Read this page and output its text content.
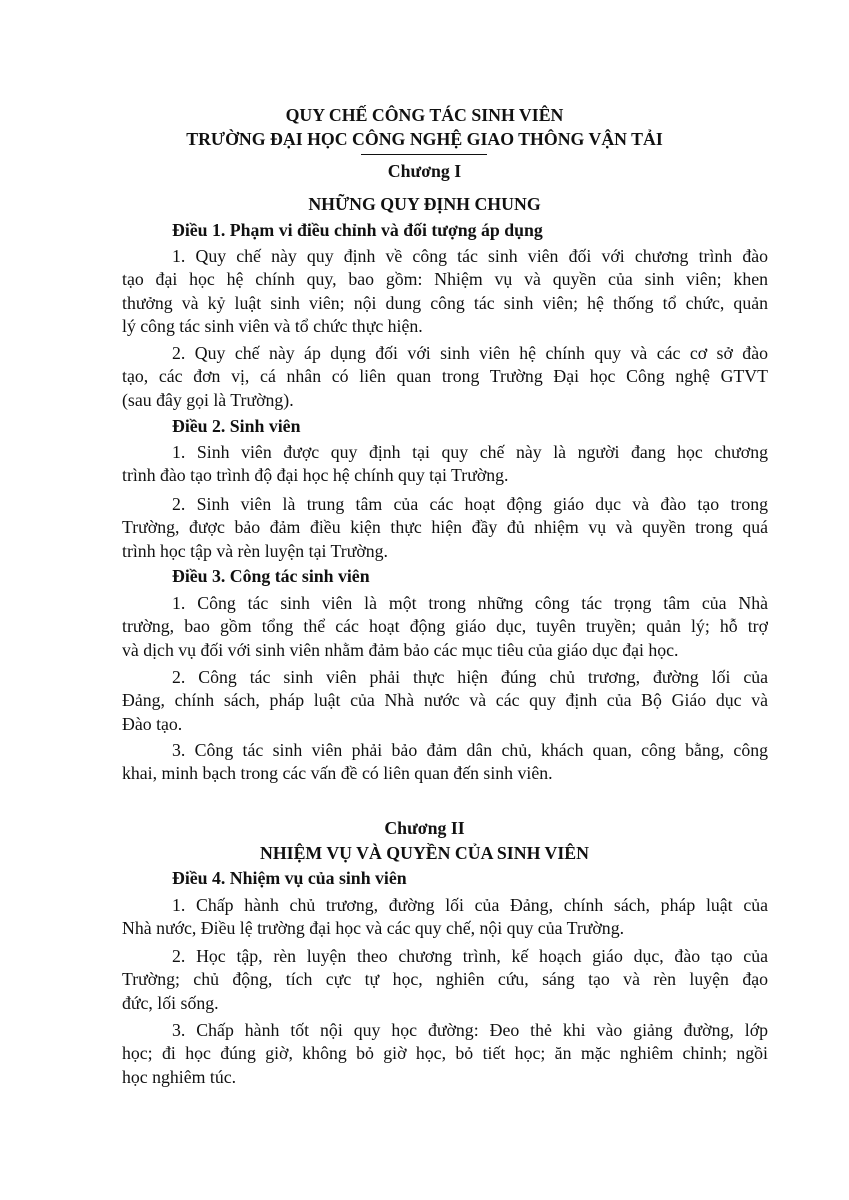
QUY CHẾ CÔNG TÁC SINH VIÊN
TRƯỜNG ĐẠI HỌC CÔNG NGHỆ GIAO THÔNG VẬN TẢI
Chương I
NHỮNG QUY ĐỊNH CHUNG
Điều 1. Phạm vi điều chỉnh và đối tượng áp dụng
1. Quy chế này quy định về công tác sinh viên đối với chương trình đào
tạo đại học hệ chính quy, bao gồm: Nhiệm vụ và quyền của sinh viên; khen
thưởng và kỷ luật sinh viên; nội dung công tác sinh viên; hệ thống tổ chức, quản
lý công tác sinh viên và tổ chức thực hiện.
2. Quy chế này áp dụng đối với sinh viên hệ chính quy và các cơ sở đào
tạo, các đơn vị, cá nhân có liên quan trong Trường Đại học Công nghệ GTVT
(sau đây gọi là Trường).
Điều 2. Sinh viên
1. Sinh viên được quy định tại quy chế này là người đang học chương
trình đào tạo trình độ đại học hệ chính quy tại Trường.
2. Sinh viên là trung tâm của các hoạt động giáo dục và đào tạo trong
Trường, được bảo đảm điều kiện thực hiện đầy đủ nhiệm vụ và quyền trong quá
trình học tập và rèn luyện tại Trường.
Điều 3. Công tác sinh viên
1. Công tác sinh viên là một trong những công tác trọng tâm của Nhà
trường, bao gồm tổng thể các hoạt động giáo dục, tuyên truyền; quản lý; hỗ trợ
và dịch vụ đối với sinh viên nhằm đảm bảo các mục tiêu của giáo dục đại học.
2. Công tác sinh viên phải thực hiện đúng chủ trương, đường lối của
Đảng, chính sách, pháp luật của Nhà nước và các quy định của Bộ Giáo dục và
Đào tạo.
3. Công tác sinh viên phải bảo đảm dân chủ, khách quan, công bằng, công
khai, minh bạch trong các vấn đề có liên quan đến sinh viên.
Chương II
NHIỆM VỤ VÀ QUYỀN CỦA SINH VIÊN
Điều 4. Nhiệm vụ của sinh viên
1. Chấp hành chủ trương, đường lối của Đảng, chính sách, pháp luật của
Nhà nước, Điều lệ trường đại học và các quy chế, nội quy của Trường.
2. Học tập, rèn luyện theo chương trình, kế hoạch giáo dục, đào tạo của
Trường; chủ động, tích cực tự học, nghiên cứu, sáng tạo và rèn luyện đạo
đức, lối sống.
3. Chấp hành tốt nội quy học đường: Đeo thẻ khi vào giảng đường, lớp
học; đi học đúng giờ, không bỏ giờ học, bỏ tiết học; ăn mặc nghiêm chỉnh; ngồi
học nghiêm túc.
